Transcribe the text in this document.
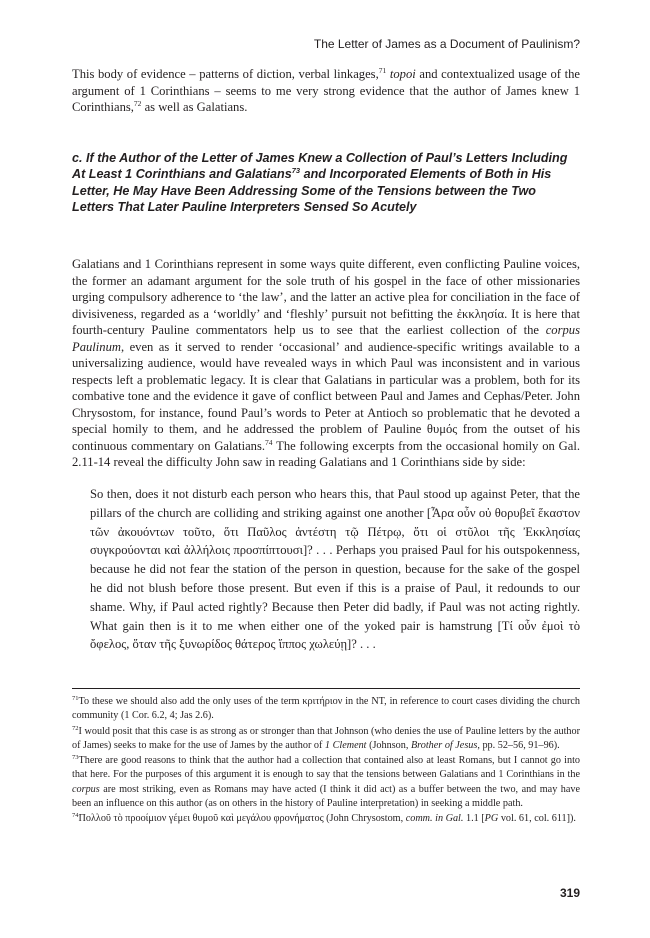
The Letter of James as a Document of Paulinism?

This body of evidence – patterns of diction, verbal linkages,$^{71}$ topoi and contextualized usage of the argument of 1 Corinthians – seems to me very strong evidence that the author of James knew 1 Corinthians,$^{72}$ as well as Galatians.

c. If the Author of the Letter of James Knew a Collection of Paul’s Letters Including At Least 1 Corinthians and Galatians$^{73}$ and Incorporated Elements of Both in His Letter, He May Have Been Addressing Some of the Tensions between the Two Letters That Later Pauline Interpreters Sensed So Acutely

Galatians and 1 Corinthians represent in some ways quite different, even conflicting Pauline voices, the former an adamant argument for the sole truth of his gospel in the face of other missionaries urging compulsory adherence to ‘the law’, and the latter an active plea for conciliation in the face of divisiveness, regarded as a ‘worldly’ and ‘fleshly’ pursuit not befitting the ἐκκλησία. It is here that fourth-century Pauline commentators help us to see that the earliest collection of the corpus Paulinum, even as it served to render ‘occasional’ and audience-specific writings available to a universalizing audience, would have revealed ways in which Paul was inconsistent and in various respects left a problematic legacy. It is clear that Galatians in particular was a problem, both for its combative tone and the evidence it gave of conflict between Paul and James and Cephas/Peter. John Chrysostom, for instance, found Paul’s words to Peter at Antioch so problematic that he devoted a special homily to them, and he addressed the problem of Pauline θυμός from the outset of his continuous commentary on Galatians.$^{74}$ The following excerpts from the occasional homily on Gal. 2.11-14 reveal the difficulty John saw in reading Galatians and 1 Corinthians side by side:

So then, does it not disturb each person who hears this, that Paul stood up against Peter, that the pillars of the church are colliding and striking against one another [Ἆρα οὖν οὐ θορυβεῖ ἕκαστον τῶν ἀκουόντων τοῦτο, ὅτι Παῦλος ἀντέστη τῷ Πέτρῳ, ὅτι οἱ στῦλοι τῆς Ἐκκλησίας συγκρούονται καὶ ἀλλήλοις προσπίπτουσι]? . . . Perhaps you praised Paul for his outspokenness, because he did not fear the station of the person in question, because for the sake of the gospel he did not blush before those present. But even if this is a praise of Paul, it redounds to our shame. Why, if Paul acted rightly? Because then Peter did badly, if Paul was not acting rightly. What gain then is it to me when either one of the yoked pair is hamstrung [Τί οὖν ἐμοὶ τὸ ὄφελος, ὅταν τῆς ξυνωρίδος θάτερος ἵππος χωλεύῃ]? . . .

$^{71}$To these we should also add the only uses of the term κριτήριον in the NT, in reference to court cases dividing the church community (1 Cor. 6.2, 4; Jas 2.6).

$^{72}$I would posit that this case is as strong as or stronger than that Johnson (who denies the use of Pauline letters by the author of James) seeks to make for the use of James by the author of 1 Clement (Johnson, Brother of Jesus, pp. 52–56, 91–96).

$^{73}$There are good reasons to think that the author had a collection that contained also at least Romans, but I cannot go into that here. For the purposes of this argument it is enough to say that the tensions between Galatians and 1 Corinthians in the corpus are most striking, even as Romans may have acted (I think it did act) as a buffer between the two, and may have been an influence on this author (as on others in the history of Pauline interpretation) in seeking a middle path.

$^{74}$Πολλοῦ τὸ προοίμιον γέμει θυμοῦ καὶ μεγάλου φρονήματος (John Chrysostom, comm. in Gal. 1.1 [PG vol. 61, col. 611]).

319
